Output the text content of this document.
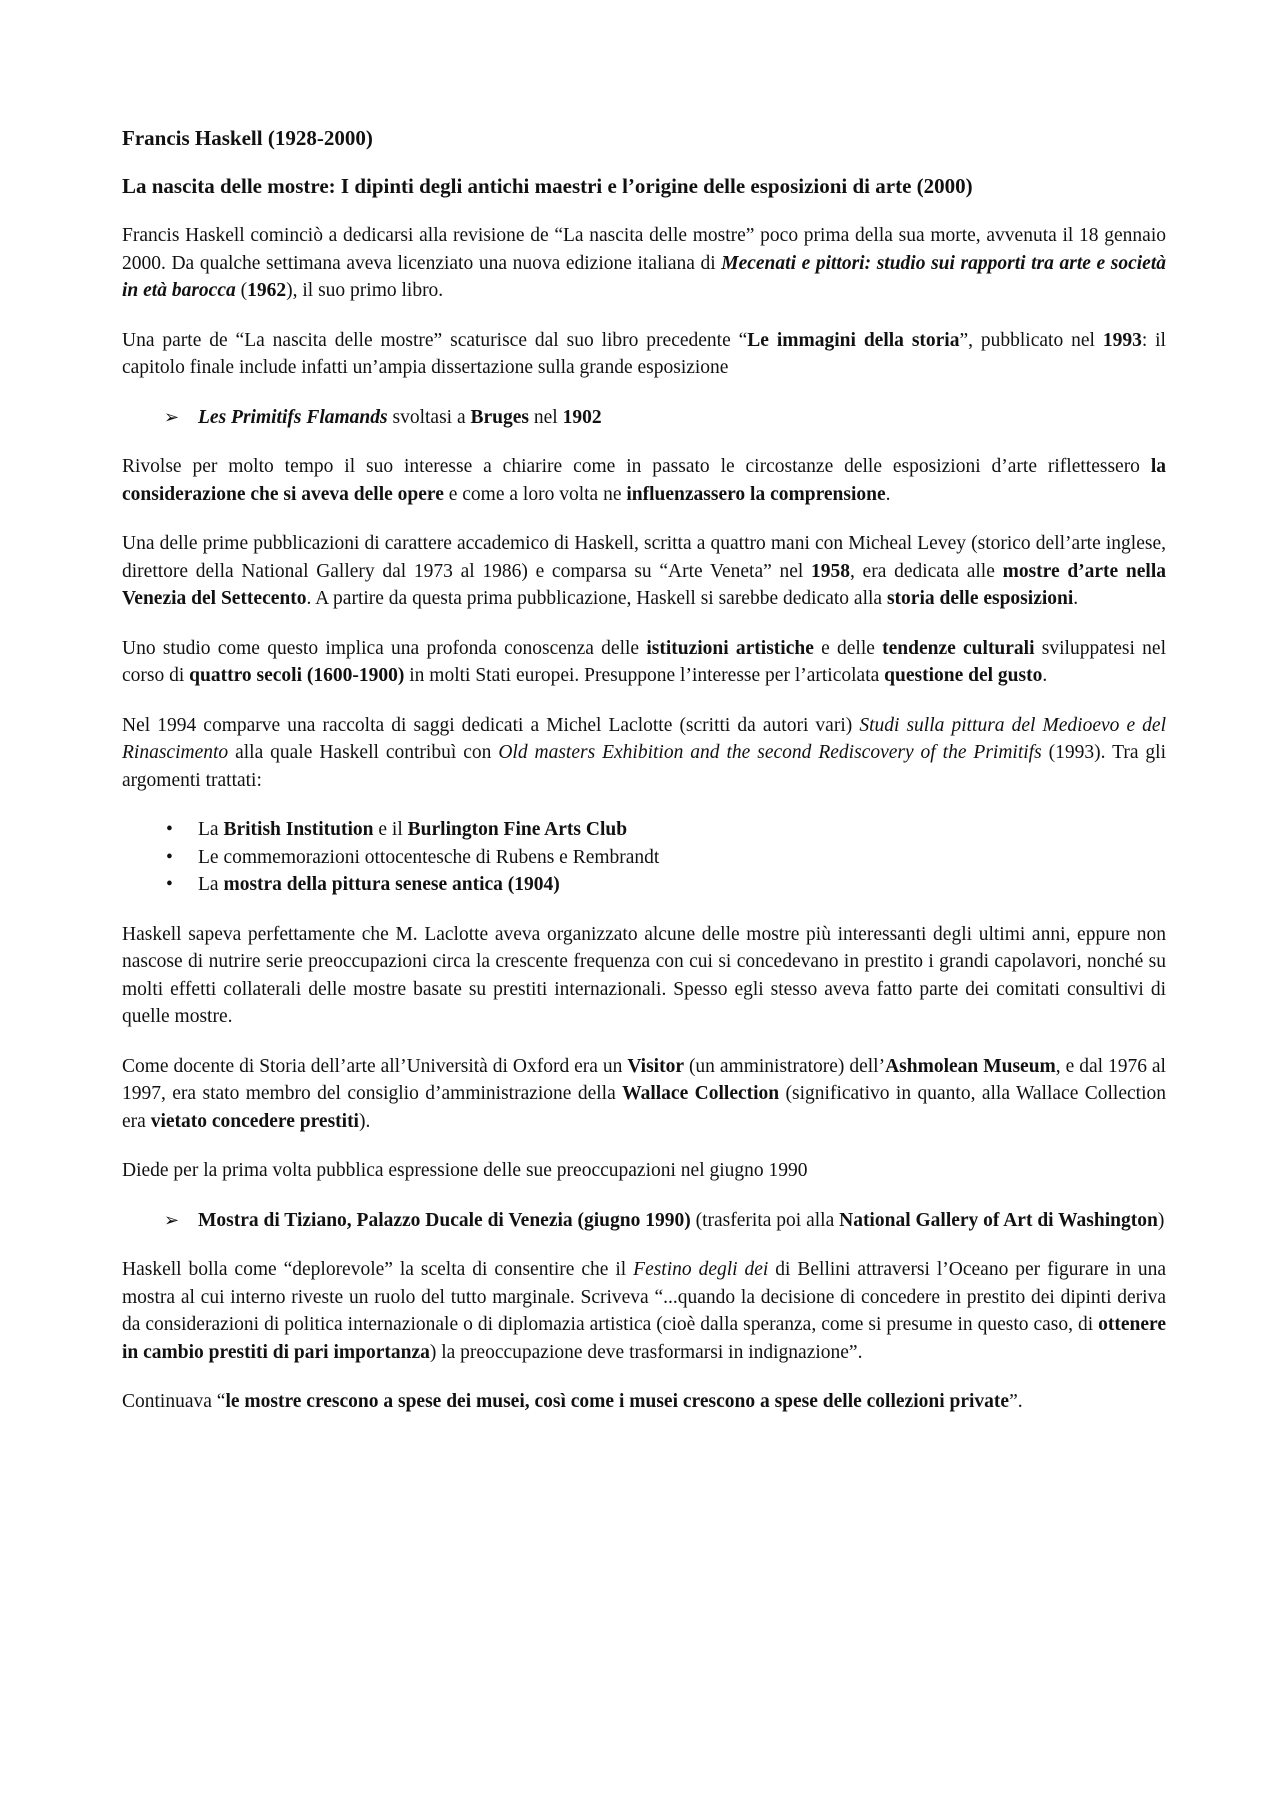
Francis Haskell (1928-2000)
La nascita delle mostre: I dipinti degli antichi maestri e l’origine delle esposizioni di arte (2000)

Francis Haskell cominciò a dedicarsi alla revisione de “La nascita delle mostre” poco prima della sua morte, avvenuta il 18 gennaio 2000. Da qualche settimana aveva licenziato una nuova edizione italiana di Mecenati e pittori: studio sui rapporti tra arte e società in età barocca (1962), il suo primo libro.

Una parte de “La nascita delle mostre” scaturisce dal suo libro precedente “Le immagini della storia”, pubblicato nel 1993: il capitolo finale include infatti un’ampia dissertazione sulla grande esposizione

➢ Les Primitifs Flamands svoltasi a Bruges nel 1902

Rivolse per molto tempo il suo interesse a chiarire come in passato le circostanze delle esposizioni d’arte riflettessero la considerazione che si aveva delle opere e come a loro volta ne influenzassero la comprensione.

Una delle prime pubblicazioni di carattere accademico di Haskell, scritta a quattro mani con Micheal Levey (storico dell’arte inglese, direttore della National Gallery dal 1973 al 1986) e comparsa su “Arte Veneta” nel 1958, era dedicata alle mostre d’arte nella Venezia del Settecento. A partire da questa prima pubblicazione, Haskell si sarebbe dedicato alla storia delle esposizioni.

Uno studio come questo implica una profonda conoscenza delle istituzioni artistiche e delle tendenze culturali sviluppatesi nel corso di quattro secoli (1600-1900) in molti Stati europei. Presuppone l’interesse per l’articolata questione del gusto.

Nel 1994 comparve una raccolta di saggi dedicati a Michel Laclotte (scritti da autori vari) Studi sulla pittura del Medioevo e del Rinascimento alla quale Haskell contribuì con Old masters Exhibition and the second Rediscovery of the Primitifs (1993). Tra gli argomenti trattati:

• La British Institution e il Burlington Fine Arts Club
• Le commemorazioni ottocentesche di Rubens e Rembrandt
• La mostra della pittura senese antica (1904)

Haskell sapeva perfettamente che M. Laclotte aveva organizzato alcune delle mostre più interessanti degli ultimi anni, eppure non nascose di nutrire serie preoccupazioni circa la crescente frequenza con cui si concedevano in prestito i grandi capolavori, nonché su molti effetti collaterali delle mostre basate su prestiti internazionali. Spesso egli stesso aveva fatto parte dei comitati consultivi di quelle mostre.

Come docente di Storia dell’arte all’Università di Oxford era un Visitor (un amministratore) dell’Ashmolean Museum, e dal 1976 al 1997, era stato membro del consiglio d’amministrazione della Wallace Collection (significativo in quanto, alla Wallace Collection era vietato concedere prestiti).

Diede per la prima volta pubblica espressione delle sue preoccupazioni nel giugno 1990

➢ Mostra di Tiziano, Palazzo Ducale di Venezia (giugno 1990) (trasferita poi alla National Gallery of Art di Washington)

Haskell bolla come “deplorevole” la scelta di consentire che il Festino degli dei di Bellini attraversi l’Oceano per figurare in una mostra al cui interno riveste un ruolo del tutto marginale. Scriveva “...quando la decisione di concedere in prestito dei dipinti deriva da considerazioni di politica internazionale o di diplomazia artistica (cioè dalla speranza, come si presume in questo caso, di ottenere in cambio prestiti di pari importanza) la preoccupazione deve trasformarsi in indignazione”.

Continuava “le mostre crescono a spese dei musei, così come i musei crescono a spese delle collezioni private”.
